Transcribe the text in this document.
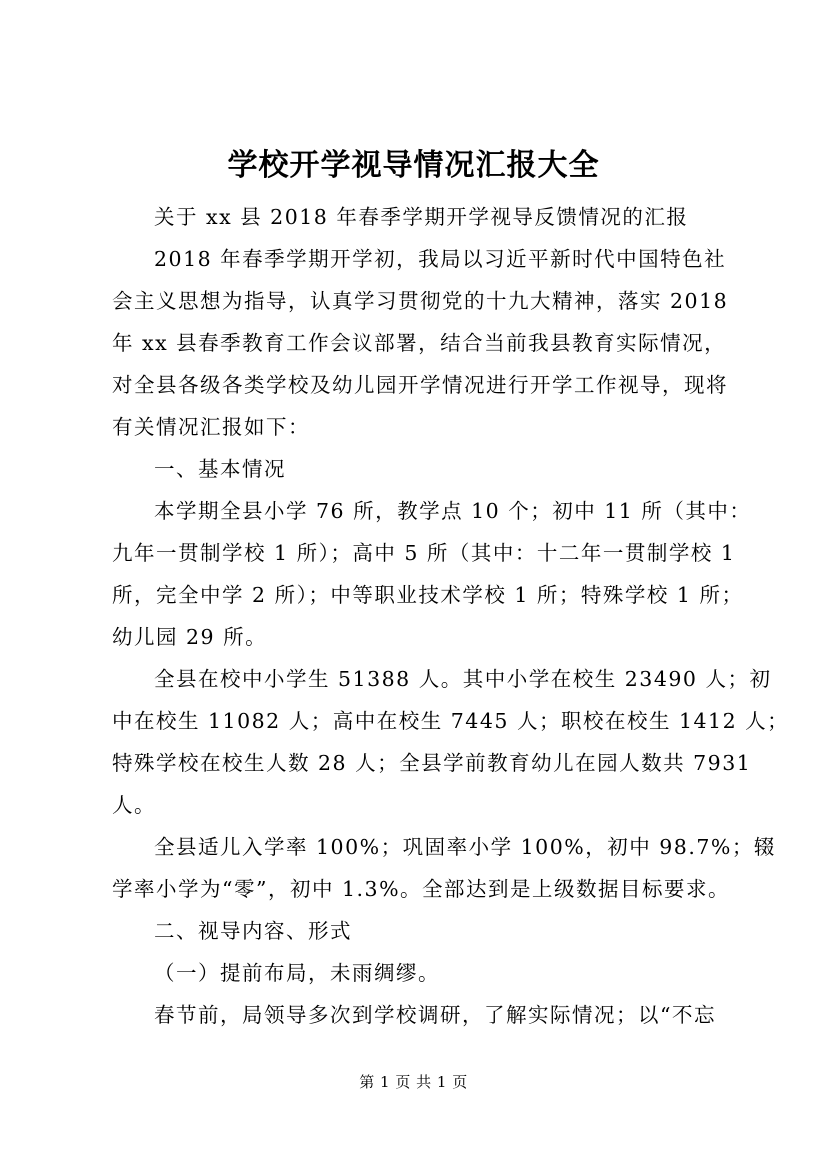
学校开学视导情况汇报大全
关于 xx 县 2018 年春季学期开学视导反馈情况的汇报
2018 年春季学期开学初，我局以习近平新时代中国特色社
会主义思想为指导，认真学习贯彻党的十九大精神，落实 2018
年 xx 县春季教育工作会议部署，结合当前我县教育实际情况，
对全县各级各类学校及幼儿园开学情况进行开学工作视导，现将
有关情况汇报如下：
一、基本情况
本学期全县小学 76 所，教学点 10 个；初中 11 所（其中：
九年一贯制学校 1 所）；高中 5 所（其中：十二年一贯制学校 1
所，完全中学 2 所）；中等职业技术学校 1 所；特殊学校 1 所；
幼儿园 29 所。
全县在校中小学生 51388 人。其中小学在校生 23490 人；初
中在校生 11082 人；高中在校生 7445 人；职校在校生 1412 人；
特殊学校在校生人数 28 人；全县学前教育幼儿在园人数共 7931
人。
全县适儿入学率 100%；巩固率小学 100%，初中 98.7%；辍
学率小学为“零”，初中 1.3%。全部达到是上级数据目标要求。
二、视导内容、形式
（一）提前布局，未雨绸缪。
春节前，局领导多次到学校调研，了解实际情况；以“不忘
第 1 页 共 1 页
